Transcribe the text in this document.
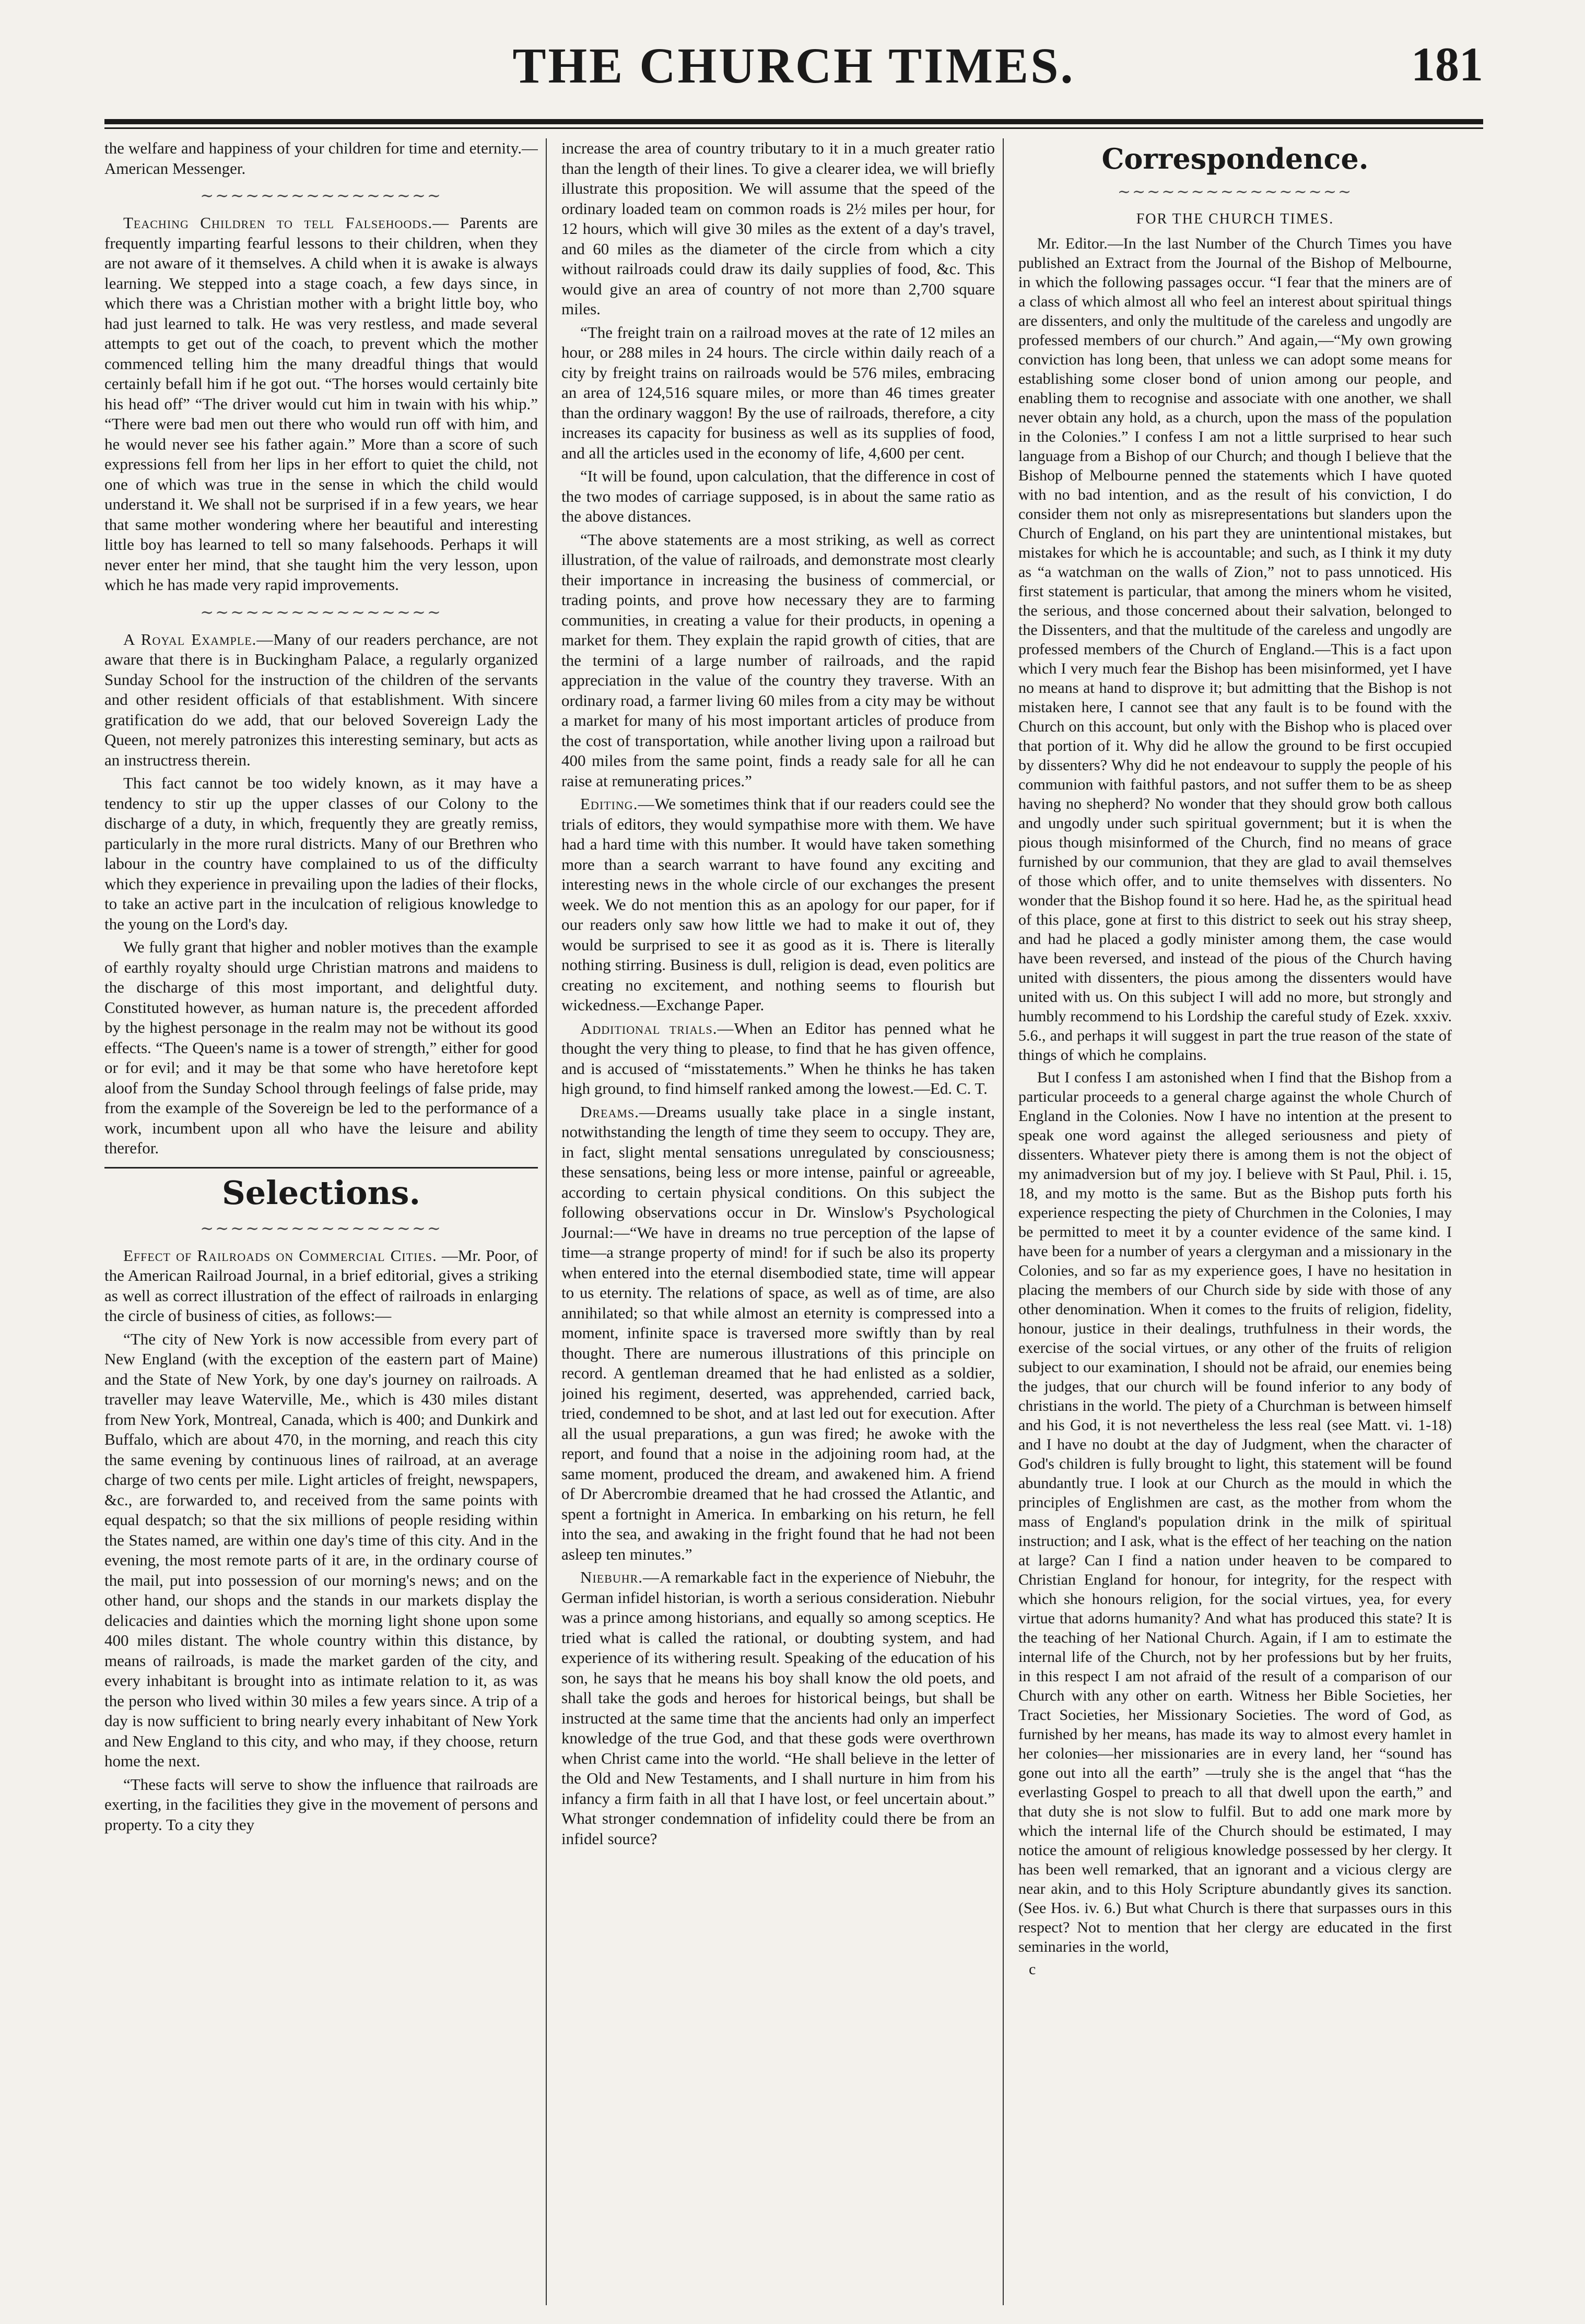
THE CHURCH TIMES.	181

the welfare and happiness of your children for time and eternity.—American Messenger.

∼∼∼∼∼∼∼∼∼∼∼∼∼∼∼∼

Teaching Children to tell Falsehoods.— Parents are frequently imparting fearful lessons to their children, when they are not aware of it themselves. A child when it is awake is always learning. We stepped into a stage coach, a few days since, in which there was a Christian mother with a bright little boy, who had just learned to talk. He was very restless, and made several attempts to get out of the coach, to prevent which the mother commenced telling him the many dreadful things that would certainly befall him if he got out. “The horses would certainly bite his head off” “The driver would cut him in twain with his whip.” “There were bad men out there who would run off with him, and he would never see his father again.” More than a score of such expressions fell from her lips in her effort to quiet the child, not one of which was true in the sense in which the child would understand it. We shall not be surprised if in a few years, we hear that same mother wondering where her beautiful and interesting little boy has learned to tell so many falsehoods. Perhaps it will never enter her mind, that she taught him the very lesson, upon which he has made very rapid improvements.

∼∼∼∼∼∼∼∼∼∼∼∼∼∼∼∼

A Royal Example.—Many of our readers perchance, are not aware that there is in Buckingham Palace, a regularly organized Sunday School for the instruction of the children of the servants and other resident officials of that establishment. With sincere gratification do we add, that our beloved Sovereign Lady the Queen, not merely patronizes this interesting seminary, but acts as an instructress therein.

This fact cannot be too widely known, as it may have a tendency to stir up the upper classes of our Colony to the discharge of a duty, in which, frequently they are greatly remiss, particularly in the more rural districts. Many of our Brethren who labour in the country have complained to us of the difficulty which they experience in prevailing upon the ladies of their flocks, to take an active part in the inculcation of religious knowledge to the young on the Lord's day.

We fully grant that higher and nobler motives than the example of earthly royalty should urge Christian matrons and maidens to the discharge of this most important, and delightful duty. Constituted however, as human nature is, the precedent afforded by the highest personage in the realm may not be without its good effects. “The Queen's name is a tower of strength,” either for good or for evil; and it may be that some who have heretofore kept aloof from the Sunday School through feelings of false pride, may from the example of the Sovereign be led to the performance of a work, incumbent upon all who have the leisure and ability therefor.

Selections.
∼∼∼∼∼∼∼∼∼∼∼∼∼∼∼∼

Effect of Railroads on Commercial Cities. —Mr. Poor, of the American Railroad Journal, in a brief editorial, gives a striking as well as correct illustration of the effect of railroads in enlarging the circle of business of cities, as follows:—

“The city of New York is now accessible from every part of New England (with the exception of the eastern part of Maine) and the State of New York, by one day's journey on railroads. A traveller may leave Waterville, Me., which is 430 miles distant from New York, Montreal, Canada, which is 400; and Dunkirk and Buffalo, which are about 470, in the morning, and reach this city the same evening by continuous lines of railroad, at an average charge of two cents per mile. Light articles of freight, newspapers, &c., are forwarded to, and received from the same points with equal despatch; so that the six millions of people residing within the States named, are within one day's time of this city. And in the evening, the most remote parts of it are, in the ordinary course of the mail, put into possession of our morning's news; and on the other hand, our shops and the stands in our markets display the delicacies and dainties which the morning light shone upon some 400 miles distant. The whole country within this distance, by means of railroads, is made the market garden of the city, and every inhabitant is brought into as intimate relation to it, as was the person who lived within 30 miles a few years since. A trip of a day is now sufficient to bring nearly every inhabitant of New York and New England to this city, and who may, if they choose, return home the next.

“These facts will serve to show the influence that railroads are exerting, in the facilities they give in the movement of persons and property. To a city they

increase the area of country tributary to it in a much greater ratio than the length of their lines. To give a clearer idea, we will briefly illustrate this proposition. We will assume that the speed of the ordinary loaded team on common roads is 2½ miles per hour, for 12 hours, which will give 30 miles as the extent of a day's travel, and 60 miles as the diameter of the circle from which a city without railroads could draw its daily supplies of food, &c. This would give an area of country of not more than 2,700 square miles.

“The freight train on a railroad moves at the rate of 12 miles an hour, or 288 miles in 24 hours. The circle within daily reach of a city by freight trains on railroads would be 576 miles, embracing an area of 124,516 square miles, or more than 46 times greater than the ordinary waggon! By the use of railroads, therefore, a city increases its capacity for business as well as its supplies of food, and all the articles used in the economy of life, 4,600 per cent.

“It will be found, upon calculation, that the difference in cost of the two modes of carriage supposed, is in about the same ratio as the above distances.

“The above statements are a most striking, as well as correct illustration, of the value of railroads, and demonstrate most clearly their importance in increasing the business of commercial, or trading points, and prove how necessary they are to farming communities, in creating a value for their products, in opening a market for them. They explain the rapid growth of cities, that are the termini of a large number of railroads, and the rapid appreciation in the value of the country they traverse. With an ordinary road, a farmer living 60 miles from a city may be without a market for many of his most important articles of produce from the cost of transportation, while another living upon a railroad but 400 miles from the same point, finds a ready sale for all he can raise at remunerating prices.”

Editing.—We sometimes think that if our readers could see the trials of editors, they would sympathise more with them. We have had a hard time with this number. It would have taken something more than a search warrant to have found any exciting and interesting news in the whole circle of our exchanges the present week. We do not mention this as an apology for our paper, for if our readers only saw how little we had to make it out of, they would be surprised to see it as good as it is. There is literally nothing stirring. Business is dull, religion is dead, even politics are creating no excitement, and nothing seems to flourish but wickedness.—Exchange Paper.

Additional trials.—When an Editor has penned what he thought the very thing to please, to find that he has given offence, and is accused of “misstatements.” When he thinks he has taken high ground, to find himself ranked among the lowest.—Ed. C. T.

Dreams.—Dreams usually take place in a single instant, notwithstanding the length of time they seem to occupy. They are, in fact, slight mental sensations unregulated by consciousness; these sensations, being less or more intense, painful or agreeable, according to certain physical conditions. On this subject the following observations occur in Dr. Winslow's Psychological Journal:—“We have in dreams no true perception of the lapse of time—a strange property of mind! for if such be also its property when entered into the eternal disembodied state, time will appear to us eternity. The relations of space, as well as of time, are also annihilated; so that while almost an eternity is compressed into a moment, infinite space is traversed more swiftly than by real thought. There are numerous illustrations of this principle on record. A gentleman dreamed that he had enlisted as a soldier, joined his regiment, deserted, was apprehended, carried back, tried, condemned to be shot, and at last led out for execution. After all the usual preparations, a gun was fired; he awoke with the report, and found that a noise in the adjoining room had, at the same moment, produced the dream, and awakened him. A friend of Dr Abercrombie dreamed that he had crossed the Atlantic, and spent a fortnight in America. In embarking on his return, he fell into the sea, and awaking in the fright found that he had not been asleep ten minutes.”

Niebuhr.—A remarkable fact in the experience of Niebuhr, the German infidel historian, is worth a serious consideration. Niebuhr was a prince among historians, and equally so among sceptics. He tried what is called the rational, or doubting system, and had experience of its withering result. Speaking of the education of his son, he says that he means his boy shall know the old poets, and shall take the gods and heroes for historical beings, but shall be instructed at the same time that the ancients had only an imperfect knowledge of the true God, and that these gods were overthrown when Christ came into the world. “He shall believe in the letter of the Old and New Testaments, and I shall nurture in him from his infancy a firm faith in all that I have lost, or feel uncertain about.” What stronger condemnation of infidelity could there be from an infidel source?

Correspondence.
∼∼∼∼∼∼∼∼∼∼∼∼∼∼∼∼
FOR THE CHURCH TIMES.

Mr. Editor.—In the last Number of the Church Times you have published an Extract from the Journal of the Bishop of Melbourne, in which the following passages occur. “I fear that the miners are of a class of which almost all who feel an interest about spiritual things are dissenters, and only the multitude of the careless and ungodly are professed members of our church.” And again,—“My own growing conviction has long been, that unless we can adopt some means for establishing some closer bond of union among our people, and enabling them to recognise and associate with one another, we shall never obtain any hold, as a church, upon the mass of the population in the Colonies.” I confess I am not a little surprised to hear such language from a Bishop of our Church; and though I believe that the Bishop of Melbourne penned the statements which I have quoted with no bad intention, and as the result of his conviction, I do consider them not only as misrepresentations but slanders upon the Church of England, on his part they are unintentional mistakes, but mistakes for which he is accountable; and such, as I think it my duty as “a watchman on the walls of Zion,” not to pass unnoticed. His first statement is particular, that among the miners whom he visited, the serious, and those concerned about their salvation, belonged to the Dissenters, and that the multitude of the careless and ungodly are professed members of the Church of England.—This is a fact upon which I very much fear the Bishop has been misinformed, yet I have no means at hand to disprove it; but admitting that the Bishop is not mistaken here, I cannot see that any fault is to be found with the Church on this account, but only with the Bishop who is placed over that portion of it. Why did he allow the ground to be first occupied by dissenters? Why did he not endeavour to supply the people of his communion with faithful pastors, and not suffer them to be as sheep having no shepherd? No wonder that they should grow both callous and ungodly under such spiritual government; but it is when the pious though misinformed of the Church, find no means of grace furnished by our communion, that they are glad to avail themselves of those which offer, and to unite themselves with dissenters. No wonder that the Bishop found it so here. Had he, as the spiritual head of this place, gone at first to this district to seek out his stray sheep, and had he placed a godly minister among them, the case would have been reversed, and instead of the pious of the Church having united with dissenters, the pious among the dissenters would have united with us. On this subject I will add no more, but strongly and humbly recommend to his Lordship the careful study of Ezek. xxxiv. 5.6., and perhaps it will suggest in part the true reason of the state of things of which he complains.

But I confess I am astonished when I find that the Bishop from a particular proceeds to a general charge against the whole Church of England in the Colonies. Now I have no intention at the present to speak one word against the alleged seriousness and piety of dissenters. Whatever piety there is among them is not the object of my animadversion but of my joy. I believe with St Paul, Phil. i. 15, 18, and my motto is the same. But as the Bishop puts forth his experience respecting the piety of Churchmen in the Colonies, I may be permitted to meet it by a counter evidence of the same kind. I have been for a number of years a clergyman and a missionary in the Colonies, and so far as my experience goes, I have no hesitation in placing the members of our Church side by side with those of any other denomination. When it comes to the fruits of religion, fidelity, honour, justice in their dealings, truthfulness in their words, the exercise of the social virtues, or any other of the fruits of religion subject to our examination, I should not be afraid, our enemies being the judges, that our church will be found inferior to any body of christians in the world. The piety of a Churchman is between himself and his God, it is not nevertheless the less real (see Matt. vi. 1-18) and I have no doubt at the day of Judgment, when the character of God's children is fully brought to light, this statement will be found abundantly true. I look at our Church as the mould in which the principles of Englishmen are cast, as the mother from whom the mass of England's population drink in the milk of spiritual instruction; and I ask, what is the effect of her teaching on the nation at large? Can I find a nation under heaven to be compared to Christian England for honour, for integrity, for the respect with which she honours religion, for the social virtues, yea, for every virtue that adorns humanity? And what has produced this state? It is the teaching of her National Church. Again, if I am to estimate the internal life of the Church, not by her professions but by her fruits, in this respect I am not afraid of the result of a comparison of our Church with any other on earth. Witness her Bible Societies, her Tract Societies, her Missionary Societies. The word of God, as furnished by her means, has made its way to almost every hamlet in her colonies—her missionaries are in every land, her “sound has gone out into all the earth” —truly she is the angel that “has the everlasting Gospel to preach to all that dwell upon the earth,” and that duty she is not slow to fulfil. But to add one mark more by which the internal life of the Church should be estimated, I may notice the amount of religious knowledge possessed by her clergy. It has been well remarked, that an ignorant and a vicious clergy are near akin, and to this Holy Scripture abundantly gives its sanction. (See Hos. iv. 6.) But what Church is there that surpasses ours in this respect? Not to mention that her clergy are educated in the first seminaries in the world,

c
